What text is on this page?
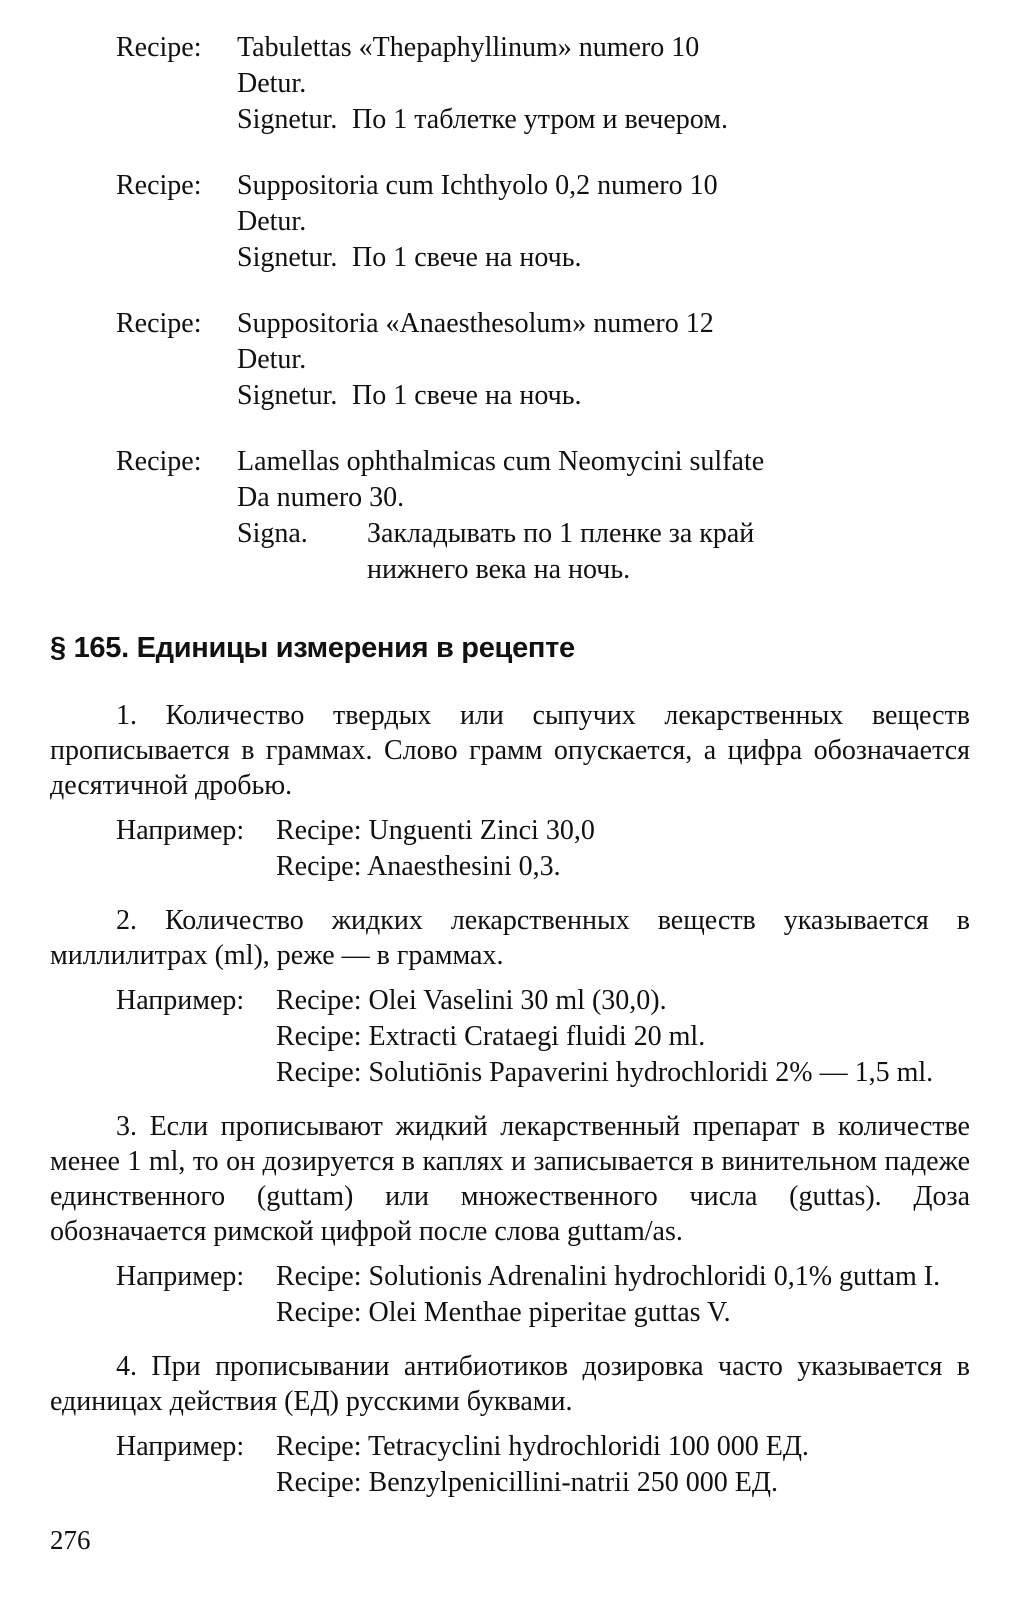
Recipe:	Tabulettas «Thepaphyllinum» numero 10
Detur.
Signetur. По 1 таблетке утром и вечером.
Recipe:	Suppositoria cum Ichthyolo 0,2 numero 10
Detur.
Signetur. По 1 свече на ночь.
Recipe:	Suppositoria «Anaesthesolum» numero 12
Detur.
Signetur. По 1 свече на ночь.
Recipe:	Lamellas ophthalmicas cum Neomycini sulfate
Da numero 30.
Signa.	Закладывать по 1 пленке за край нижнего века на ночь.
§ 165. Единицы измерения в рецепте

1. Количество твердых или сыпучих лекарственных веществ прописывается в граммах. Слово грамм опускается, а цифра обозначается десятичной дробью.

Например:	Recipe: Unguenti Zinci 30,0
Recipe: Anaesthesini 0,3.

2. Количество жидких лекарственных веществ указывается в миллилитрах (ml), реже — в граммах.

Например:	Recipe: Olei Vaselini 30 ml (30,0).
Recipe: Extracti Crataegi fluidi 20 ml.
Recipe: Solutiōnis Papaverini hydrochloridi 2% — 1,5 ml.

3. Если прописывают жидкий лекарственный препарат в количестве менее 1 ml, то он дозируется в каплях и записывается в винительном падеже единственного (guttam) или множественного числа (guttas). Доза обозначается римской цифрой после слова guttam/as.

Например:	Recipe: Solutionis Adrenalini hydrochloridi 0,1% guttam I.
Recipe: Olei Menthae piperitae guttas V.

4. При прописывании антибиотиков дозировка часто указывается в единицах действия (ЕД) русскими буквами.

Например:	Recipe: Tetracyclini hydrochloridi 100 000 ЕД.
Recipe: Benzylpenicillini-natrii 250 000 ЕД.
276
